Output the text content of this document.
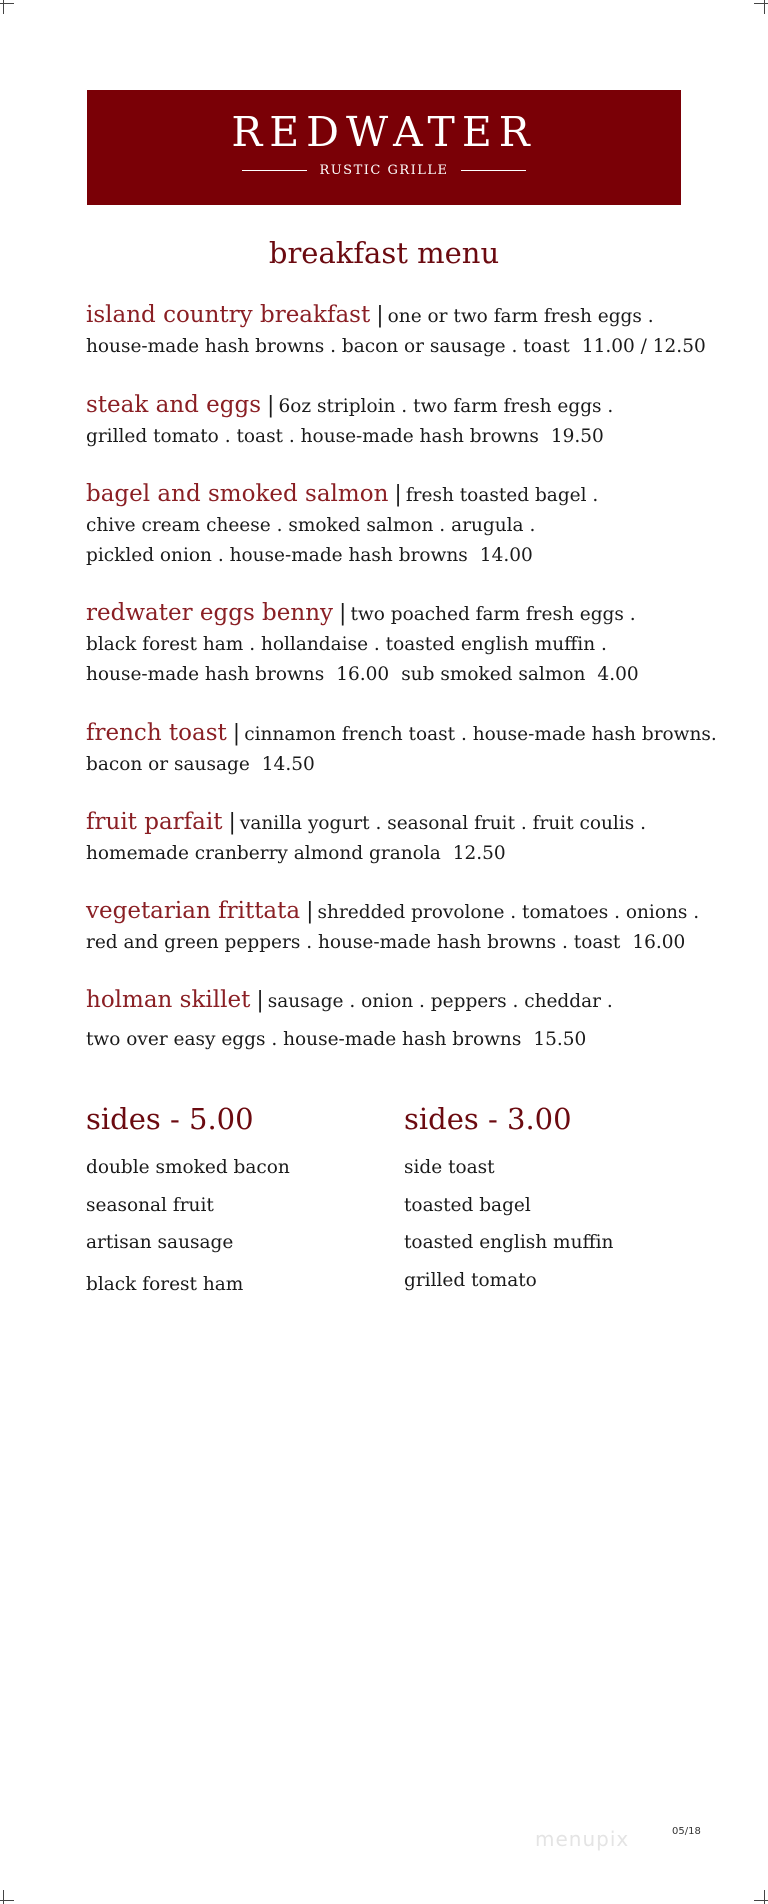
REDWATER
RUSTIC GRILLE
breakfast menu
island country breakfast | one or two farm fresh eggs .
house-made hash browns . bacon or sausage . toast 11.00 / 12.50
steak and eggs | 6oz striploin . two farm fresh eggs .
grilled tomato . toast . house-made hash browns 19.50
bagel and smoked salmon | fresh toasted bagel .
chive cream cheese . smoked salmon . arugula .
pickled onion . house-made hash browns 14.00
redwater eggs benny | two poached farm fresh eggs .
black forest ham . hollandaise . toasted english muffin .
house-made hash browns 16.00 sub smoked salmon 4.00
french toast | cinnamon french toast . house-made hash browns.
bacon or sausage 14.50
fruit parfait | vanilla yogurt . seasonal fruit . fruit coulis .
homemade cranberry almond granola 12.50
vegetarian frittata | shredded provolone . tomatoes . onions .
red and green peppers . house-made hash browns . toast 16.00
holman skillet | sausage . onion . peppers . cheddar .
two over easy eggs . house-made hash browns 15.50
sides - 5.00
double smoked bacon
seasonal fruit
artisan sausage
black forest ham
sides - 3.00
side toast
toasted bagel
toasted english muffin
grilled tomato
menupix	05/18
